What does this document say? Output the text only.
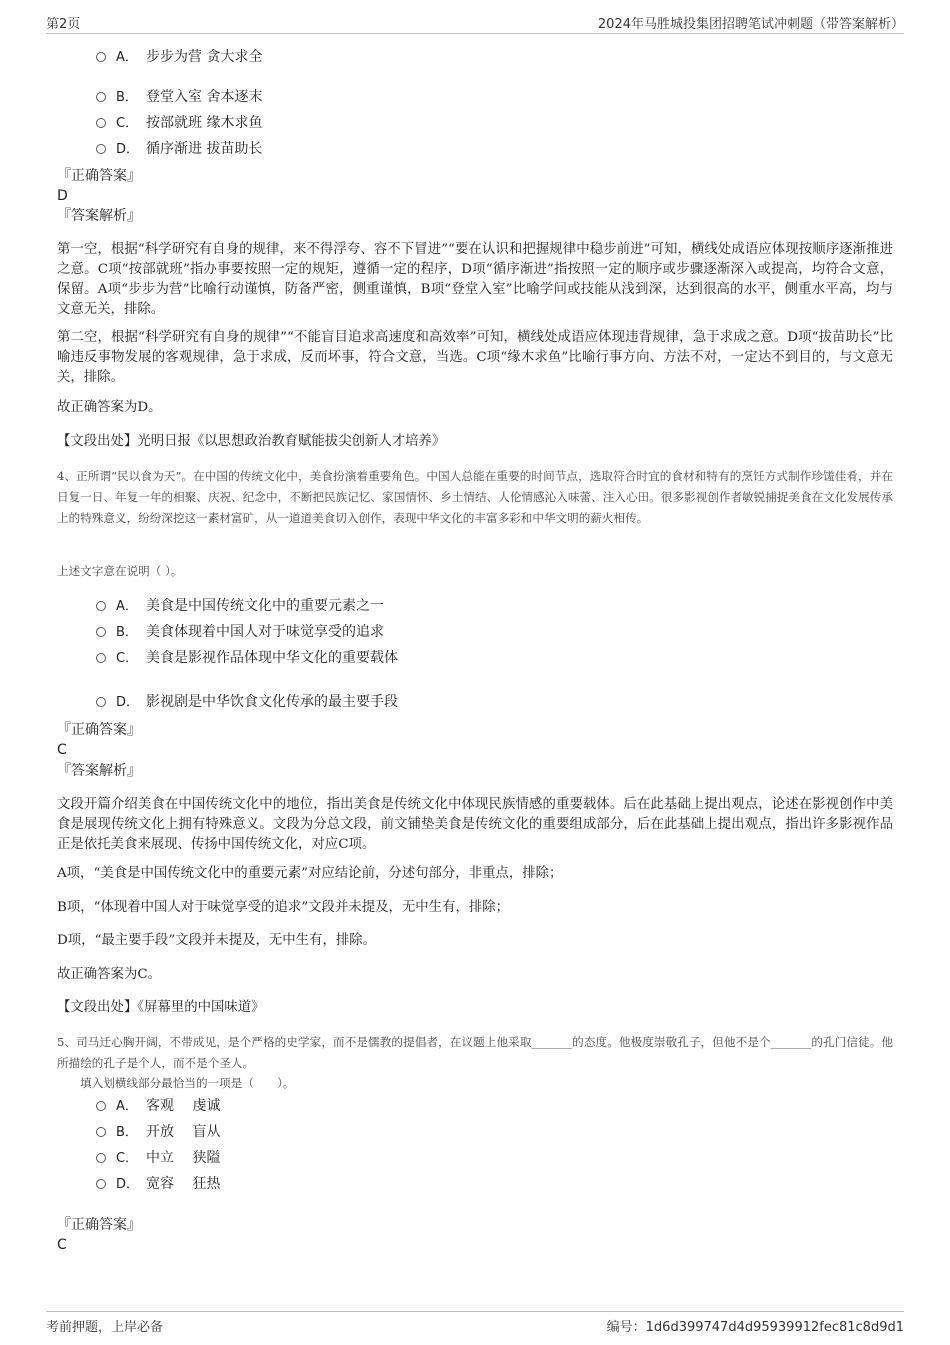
第2页	2024年马胜城投集团招聘笔试冲刺题（带答案解析）
A． 步步为营 贪大求全
B． 登堂入室 舍本逐末
C． 按部就班 缘木求鱼
D． 循序渐进 拔苗助长
『正确答案』
D
『答案解析』
第一空，根据“科学研究有自身的规律，来不得浮夸、容不下冒进”“要在认识和把握规律中稳步前进”可知，横线处成语应体现按顺序逐渐推进之意。C项“按部就班”指办事要按照一定的规矩，遵循一定的程序，D项“循序渐进”指按照一定的顺序或步骤逐渐深入或提高，均符合文意，保留。A项“步步为营”比喻行动谨慎，防备严密，侧重谨慎，B项“登堂入室”比喻学问或技能从浅到深，达到很高的水平，侧重水平高，均与文意无关，排除。
第二空，根据“科学研究有自身的规律”“不能盲目追求高速度和高效率”可知，横线处成语应体现违背规律，急于求成之意。D项“拔苗助长”比喻违反事物发展的客观规律，急于求成，反而坏事，符合文意，当选。C项“缘木求鱼”比喻行事方向、方法不对，一定达不到目的，与文意无关，排除。
故正确答案为D。
【文段出处】光明日报《以思想政治教育赋能拔尖创新人才培养》
4、正所谓“民以食为天”。在中国的传统文化中，美食扮演着重要角色。中国人总能在重要的时间节点，选取符合时宜的食材和特有的烹饪方式制作珍馐佳肴，并在日复一日、年复一年的相聚、庆祝、纪念中，不断把民族记忆、家国情怀、乡土情结、人伦情感沁入味蕾、注入心田。很多影视创作者敏锐捕捉美食在文化发展传承上的特殊意义，纷纷深挖这一素材富矿，从一道道美食切入创作，表现中华文化的丰富多彩和中华文明的薪火相传。
上述文字意在说明（ ）。
A． 美食是中国传统文化中的重要元素之一
B． 美食体现着中国人对于味觉享受的追求
C． 美食是影视作品体现中华文化的重要载体
D． 影视剧是中华饮食文化传承的最主要手段
『正确答案』
C
『答案解析』
文段开篇介绍美食在中国传统文化中的地位，指出美食是传统文化中体现民族情感的重要载体。后在此基础上提出观点，论述在影视创作中美食是展现传统文化上拥有特殊意义。文段为分总文段，前文铺垫美食是传统文化的重要组成部分，后在此基础上提出观点，指出许多影视作品正是依托美食来展现、传扬中国传统文化，对应C项。
A项，“美食是中国传统文化中的重要元素”对应结论前，分述句部分，非重点，排除；
B项，“体现着中国人对于味觉享受的追求”文段并未提及，无中生有，排除；
D项，“最主要手段”文段并未提及，无中生有，排除。
故正确答案为C。
【文段出处】《屏幕里的中国味道》
5、司马迁心胸开阔，不带成见，是个严格的史学家，而不是儒教的提倡者，在议题上他采取_______的态度。他极度崇敬孔子，但他不是个_______的孔门信徒。他所描绘的孔子是个人，而不是个圣人。
填入划横线部分最恰当的一项是（　　）。
A． 客观　 虔诚
B． 开放　 盲从
C． 中立　 狭隘
D． 宽容　 狂热
『正确答案』
C
考前押题，上岸必备	编号：1d6d399747d4d95939912fec81c8d9d1
